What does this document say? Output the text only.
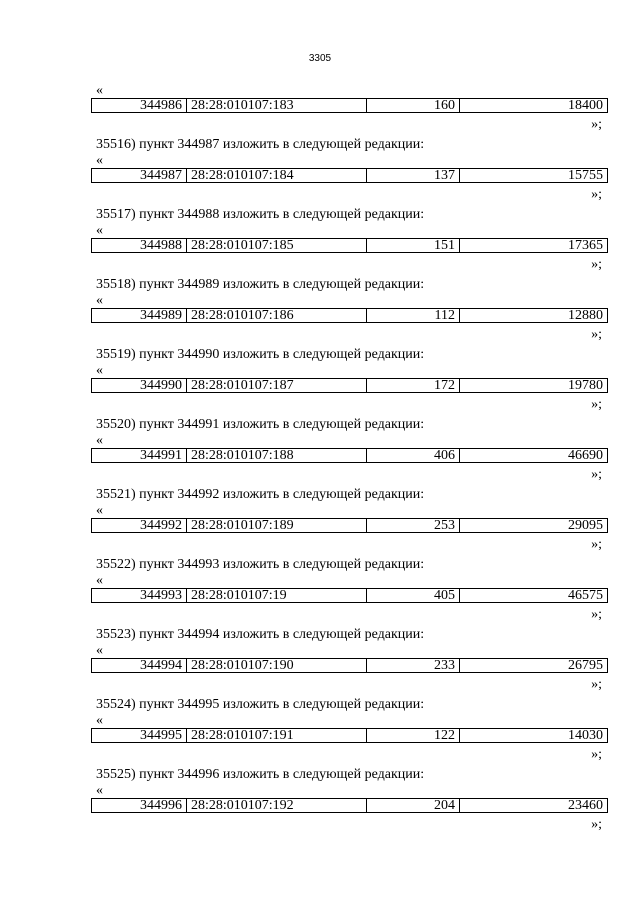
3305
«
344986 28:28:010107:183	160	18400
»;
35516) пункт 344987 изложить в следующей редакции:
«
344987 28:28:010107:184	137	15755
»;
35517) пункт 344988 изложить в следующей редакции:
«
344988 28:28:010107:185	151	17365
»;
35518) пункт 344989 изложить в следующей редакции:
«
344989 28:28:010107:186	112	12880
»;
35519) пункт 344990 изложить в следующей редакции:
«
344990 28:28:010107:187	172	19780
»;
35520) пункт 344991 изложить в следующей редакции:
«
344991 28:28:010107:188	406	46690
»;
35521) пункт 344992 изложить в следующей редакции:
«
344992 28:28:010107:189	253	29095
»;
35522) пункт 344993 изложить в следующей редакции:
«
344993 28:28:010107:19	405	46575
»;
35523) пункт 344994 изложить в следующей редакции:
«
344994 28:28:010107:190	233	26795
»;
35524) пункт 344995 изложить в следующей редакции:
«
344995 28:28:010107:191	122	14030
»;
35525) пункт 344996 изложить в следующей редакции:
«
344996 28:28:010107:192	204	23460
»;
